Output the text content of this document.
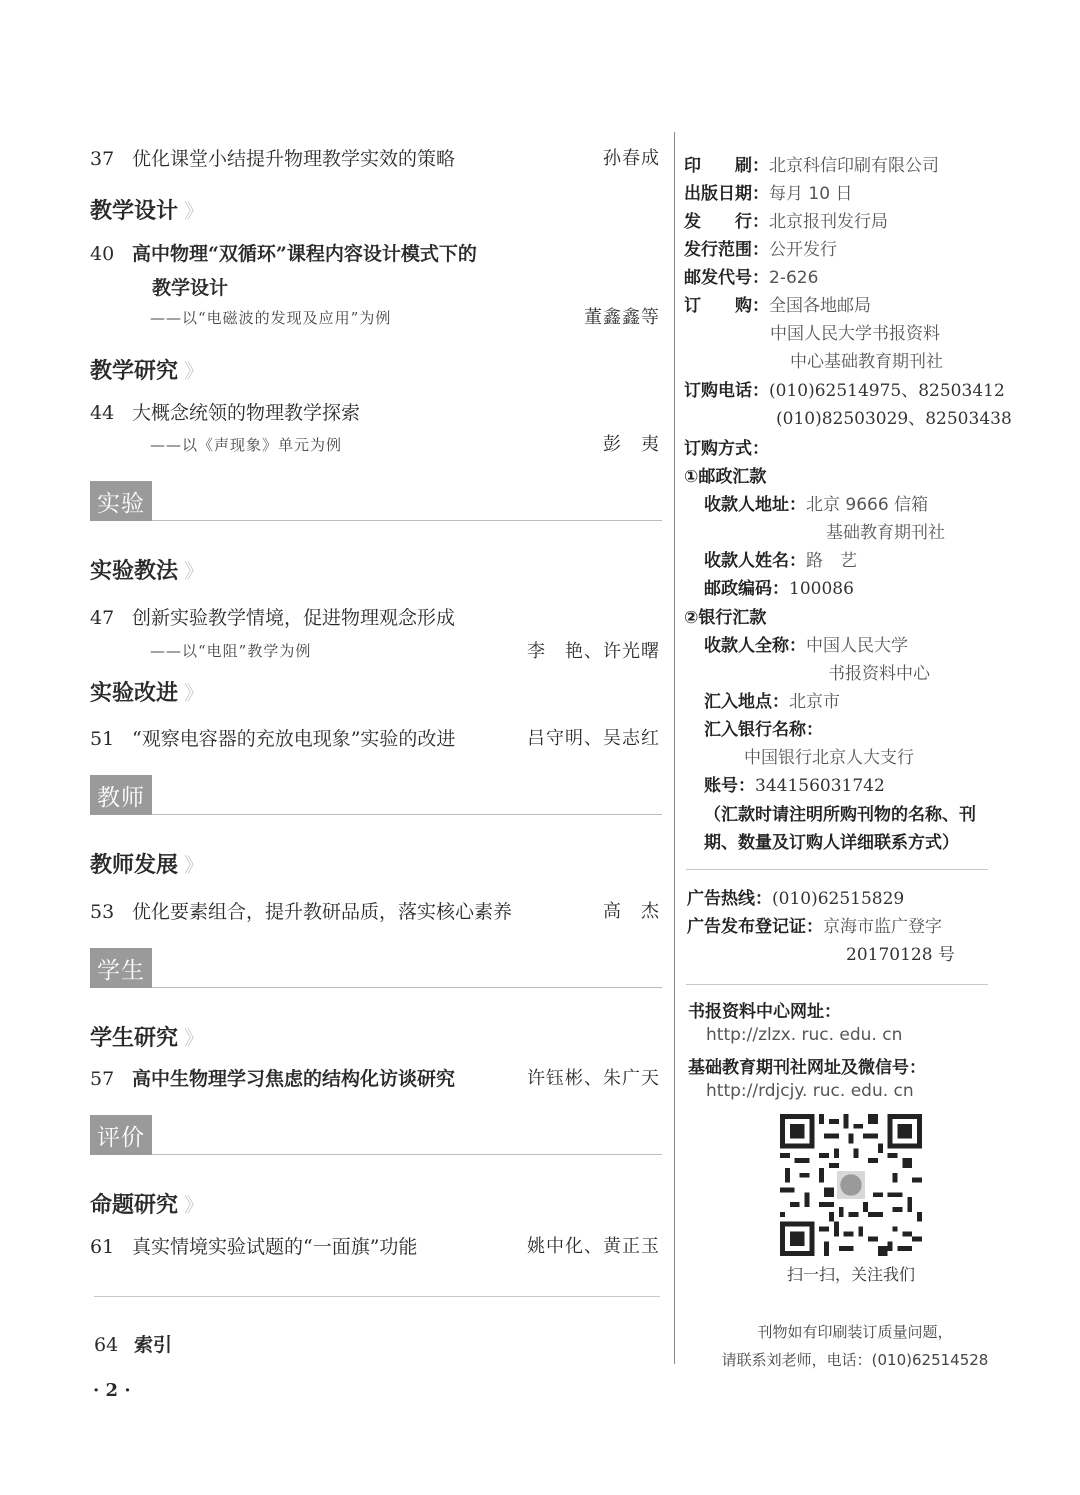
37 优化课堂小结提升物理教学实效的策略	孙春成
教学设计 》
40 高中物理“双循环”课程内容设计模式下的
教学设计
——以“电磁波的发现及应用”为例	董鑫鑫等
教学研究 》
44 大概念统领的物理教学探索
——以《声现象》单元为例	彭　夷
实验
实验教法 》
47 创新实验教学情境，促进物理观念形成
——以“电阻”教学为例	李　艳、许光曙
实验改进 》
51 “观察电容器的充放电现象”实验的改进	吕守明、吴志红
教师
教师发展 》
53 优化要素组合，提升教研品质，落实核心素养	高　杰
学生
学生研究 》
57 高中生物理学习焦虑的结构化访谈研究	许钰彬、朱广天
评价
命题研究 》
61 真实情境实验试题的“一面旗”功能	姚中化、黄正玉
64 索引
· 2 ·
印　　刷：北京科信印刷有限公司
出版日期：每月 10 日
发　　行：北京报刊发行局
发行范围：公开发行
邮发代号：2-626
订　　购：全国各地邮局
中国人民大学书报资料
中心基础教育期刊社
订购电话：(010)62514975、82503412
(010)82503029、82503438
订购方式：
①邮政汇款
收款人地址：北京 9666 信箱
基础教育期刊社
收款人姓名：路　艺
邮政编码：100086
②银行汇款
收款人全称：中国人民大学
书报资料中心
汇入地点：北京市
汇入银行名称：
中国银行北京人大支行
账号：344156031742
（汇款时请注明所购刊物的名称、刊
期、数量及订购人详细联系方式）
广告热线：(010)62515829
广告发布登记证：京海市监广登字
20170128 号
书报资料中心网址：
http://zlzx. ruc. edu. cn
基础教育期刊社网址及微信号：
http://rdjcjy. ruc. edu. cn
扫一扫，关注我们
刊物如有印刷装订质量问题，
请联系刘老师，电话：(010)62514528
